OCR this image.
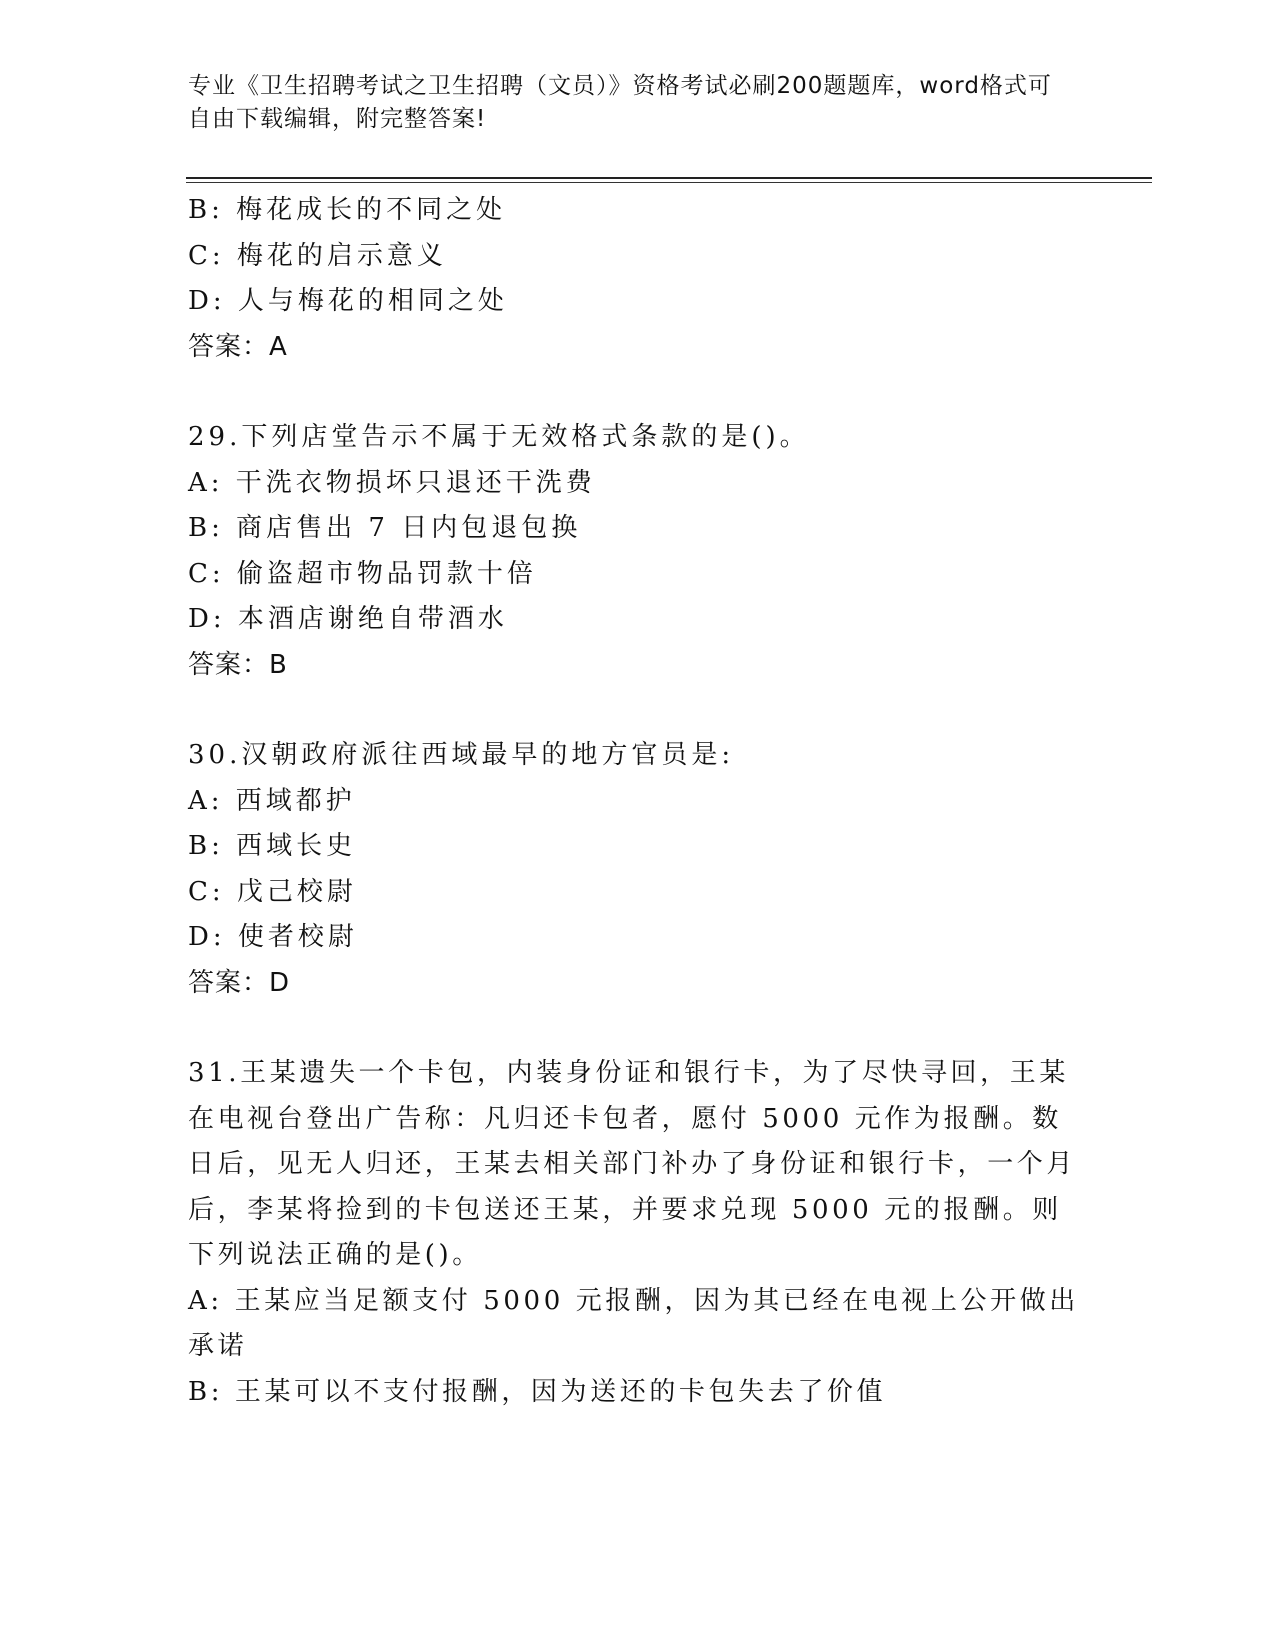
专业《卫生招聘考试之卫生招聘（文员）》资格考试必刷200题题库，word格式可自由下载编辑，附完整答案!

B: 梅花成长的不同之处

C: 梅花的启示意义

D: 人与梅花的相同之处

答案：A

29.下列店堂告示不属于无效格式条款的是()。

A: 干洗衣物损坏只退还干洗费

B: 商店售出 7 日内包退包换

C: 偷盗超市物品罚款十倍

D: 本酒店谢绝自带酒水

答案：B

30.汉朝政府派往西域最早的地方官员是:

A: 西域都护

B: 西域长史

C: 戊己校尉

D: 使者校尉

答案：D

31.王某遗失一个卡包，内装身份证和银行卡，为了尽快寻回，王某在电视台登出广告称：凡归还卡包者，愿付 5000 元作为报酬。数日后，见无人归还，王某去相关部门补办了身份证和银行卡，一个月后，李某将捡到的卡包送还王某，并要求兑现 5000 元的报酬。则下列说法正确的是()。

A: 王某应当足额支付 5000 元报酬，因为其已经在电视上公开做出承诺

B: 王某可以不支付报酬，因为送还的卡包失去了价值
